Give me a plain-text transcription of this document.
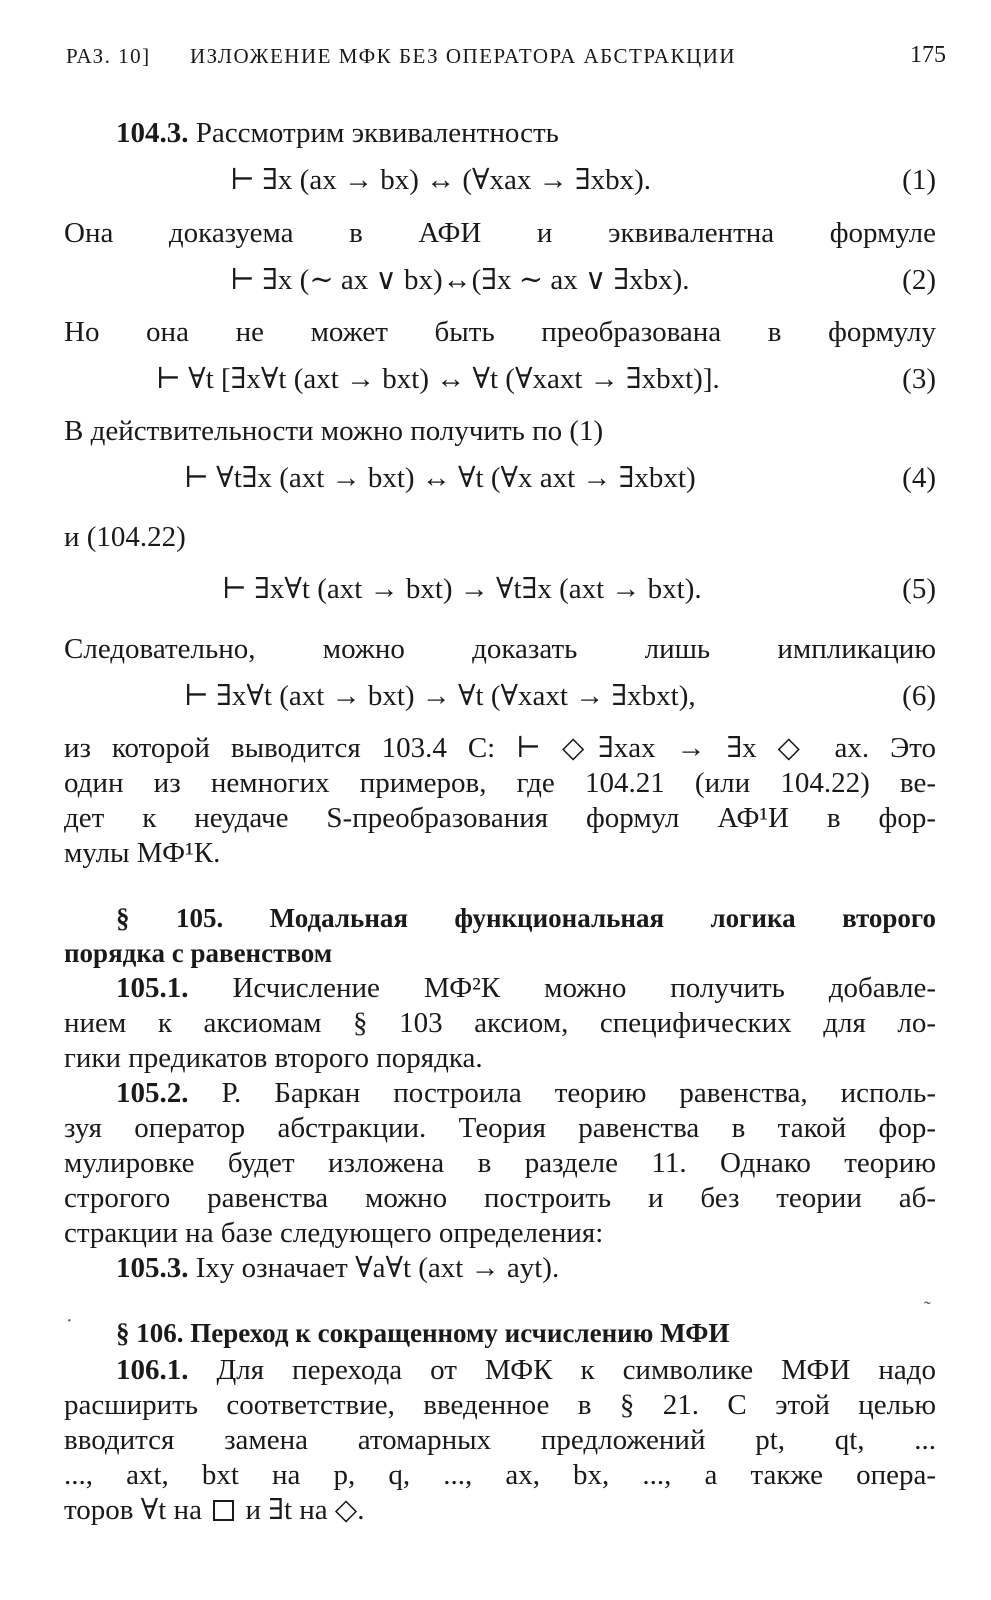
РАЗ. 10] ИЗЛОЖЕНИЕ МФК БЕЗ ОПЕРАТОРА АБСТРАКЦИИ	175
104.3. Рассмотрим эквивалентность
⊢ ∃x (ax → bx) ↔ (∀xax → ∃xbx).	(1)
Она доказуема в АФИ и эквивалентна формуле
⊢ ∃x (∼ ax ∨ bx)↔(∃x ∼ ax ∨ ∃xbx).	(2)
Но она не может быть преобразована в формулу
⊢ ∀t [∃x∀t (axt → bxt) ↔ ∀t (∀xaxt → ∃xbxt)].	(3)
В действительности можно получить по (1)
⊢ ∀t∃x (axt → bxt) ↔ ∀t (∀x axt → ∃xbxt)	(4)
и (104.22)
⊢ ∃x∀t (axt → bxt) → ∀t∃x (axt → bxt).	(5)
Следовательно, можно доказать лишь импликацию
⊢ ∃x∀t (axt → bxt) → ∀t (∀xaxt → ∃xbxt),	(6)
из которой выводится 103.4 С: ⊢ ◇∃xax → ∃x ◇ ax. Это
один из немногих примеров, где 104.21 (или 104.22) ве-
дет к неудаче S-преобразования формул АФ¹И в фор-
мулы МФ¹К.
§ 105. Модальная функциональная логика второго
порядка с равенством
105.1. Исчисление МФ²К можно получить добавле-
нием к аксиомам § 103 аксиом, специфических для ло-
гики предикатов второго порядка.
105.2. Р. Баркан построила теорию равенства, исполь-
зуя оператор абстракции. Теория равенства в такой фор-
мулировке будет изложена в разделе 11. Однако теорию
строгого равенства можно построить и без теории аб-
стракции на базе следующего определения:
105.3. Ixy означает ∀a∀t (axt → ayt).
§ 106. Переход к сокращенному исчислению МФИ
106.1. Для перехода от МФК к символике МФИ надо
расширить соответствие, введенное в § 21. С этой целью
вводится замена атомарных предложений pt, qt, ...
..., axt, bxt на p, q, ..., ax, bx, ..., а также опера-
торов ∀t на и ∃t на ◇.
·
˜
